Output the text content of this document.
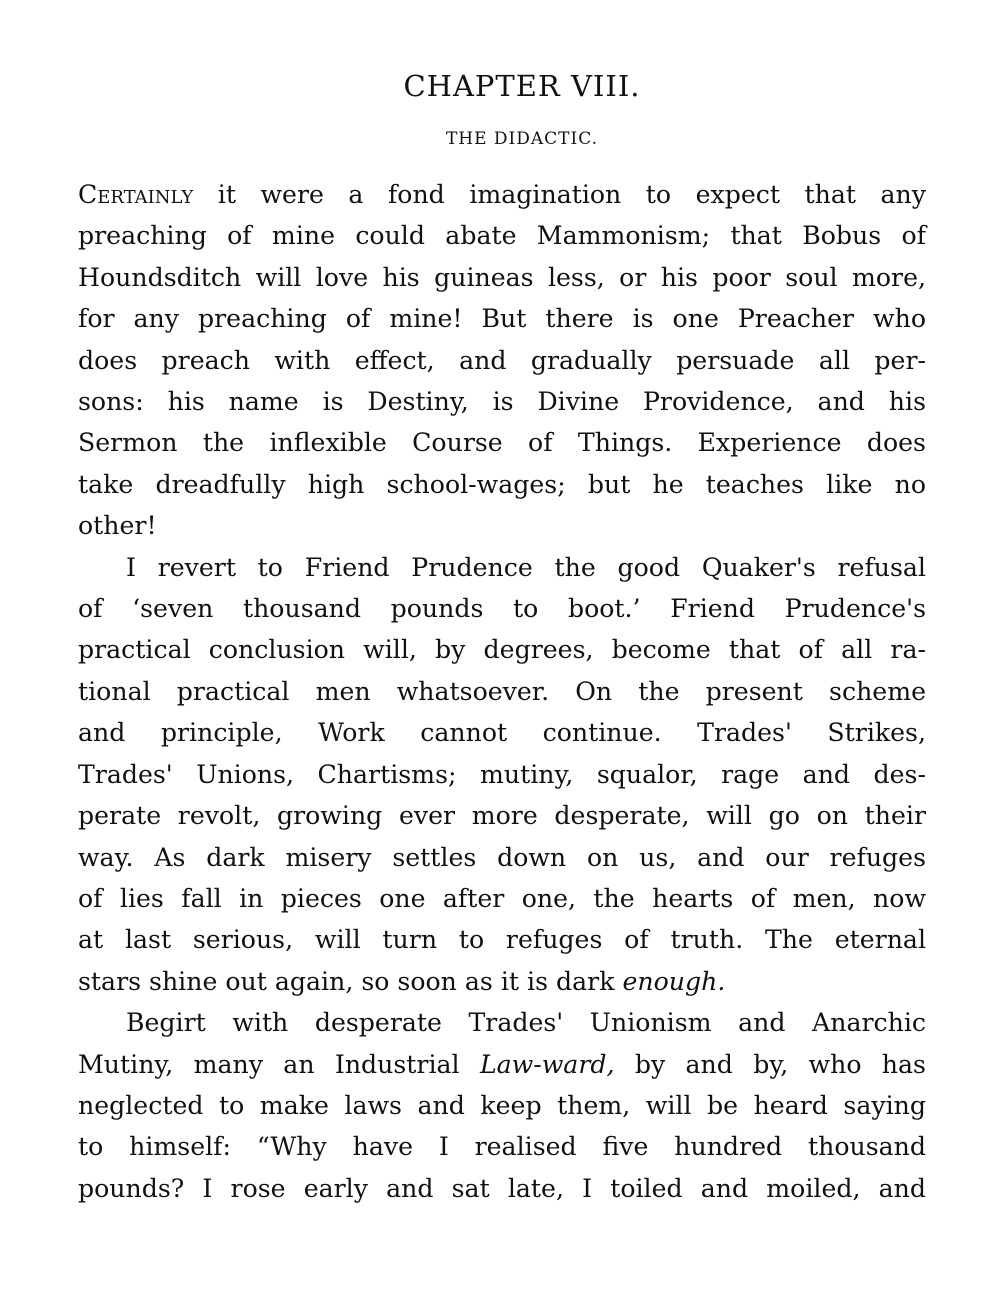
CHAPTER VIII.
THE DIDACTIC.
Certainly it were a fond imagination to expect that any
preaching of mine could abate Mammonism; that Bobus of
Houndsditch will love his guineas less, or his poor soul more,
for any preaching of mine! But there is one Preacher who
does preach with effect, and gradually persuade all per-
sons: his name is Destiny, is Divine Providence, and his
Sermon the inflexible Course of Things. Experience does
take dreadfully high school-wages; but he teaches like no
other!
I revert to Friend Prudence the good Quaker's refusal
of ‘seven thousand pounds to boot.’ Friend Prudence's
practical conclusion will, by degrees, become that of all ra-
tional practical men whatsoever. On the present scheme
and principle, Work cannot continue. Trades' Strikes,
Trades' Unions, Chartisms; mutiny, squalor, rage and des-
perate revolt, growing ever more desperate, will go on their
way. As dark misery settles down on us, and our refuges
of lies fall in pieces one after one, the hearts of men, now
at last serious, will turn to refuges of truth. The eternal
stars shine out again, so soon as it is dark enough.
Begirt with desperate Trades' Unionism and Anarchic
Mutiny, many an Industrial Law-ward, by and by, who has
neglected to make laws and keep them, will be heard saying
to himself: “Why have I realised five hundred thousand
pounds? I rose early and sat late, I toiled and moiled, and
